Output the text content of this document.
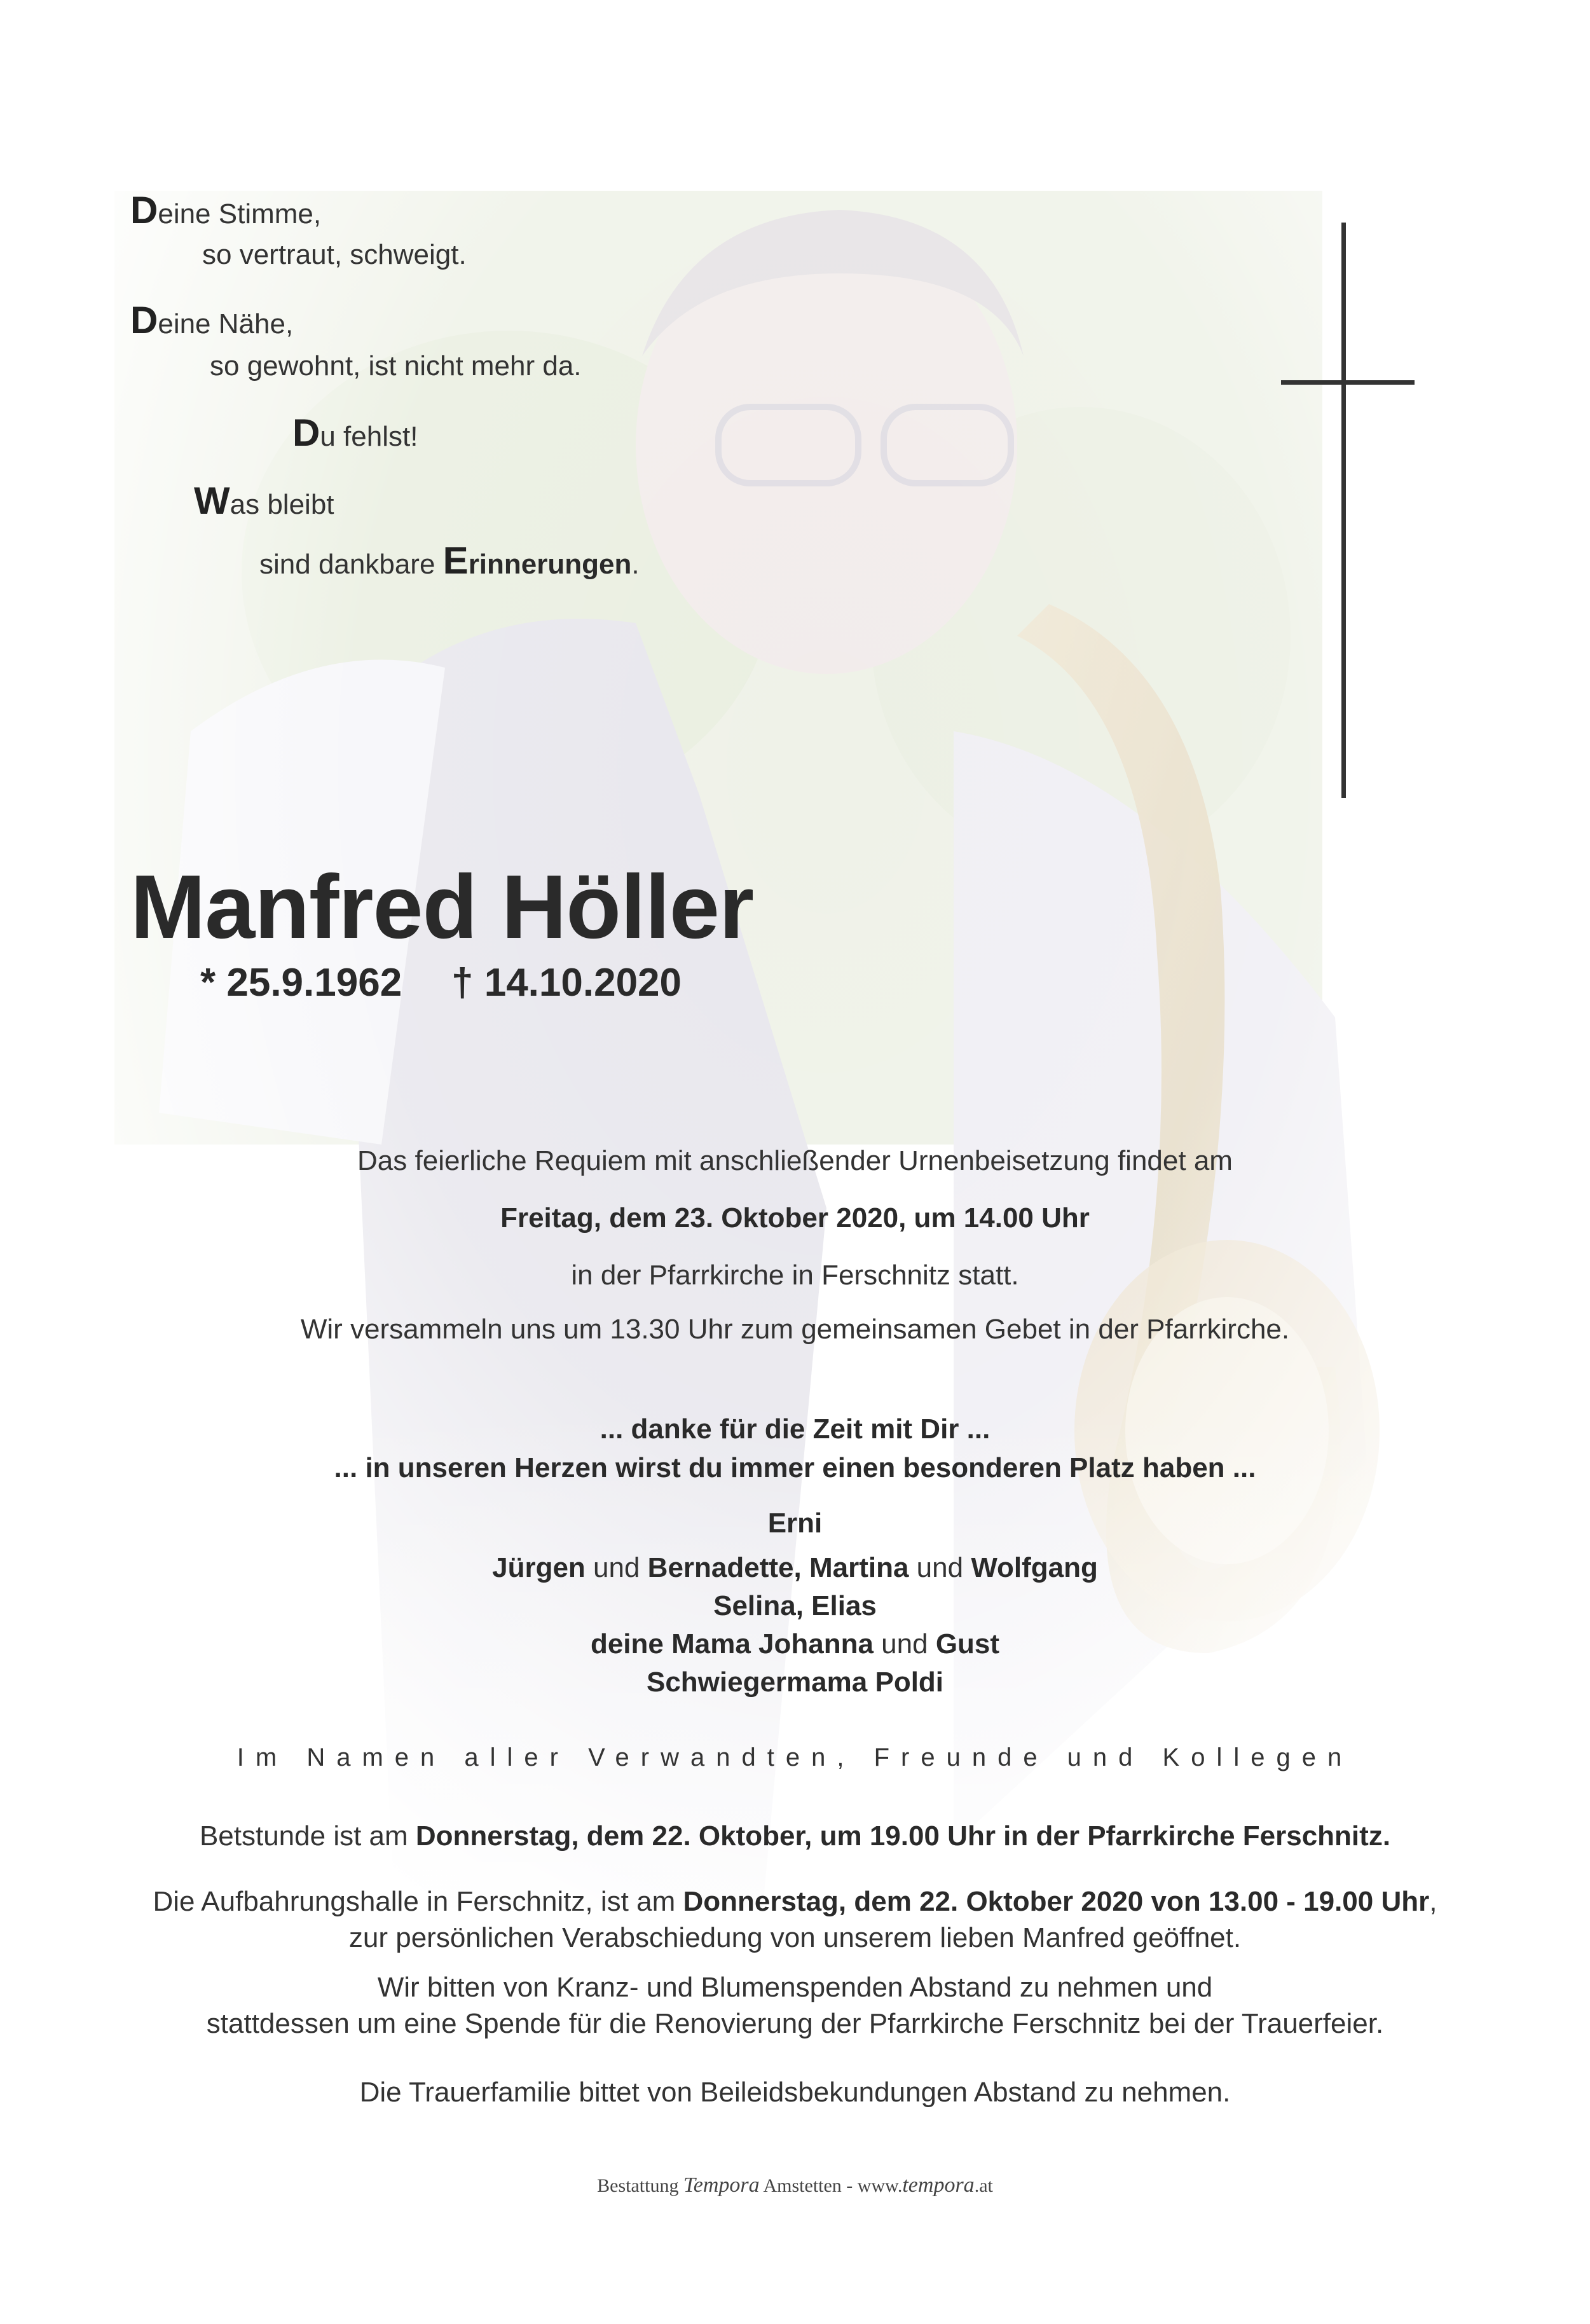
Deine Stimme,
so vertraut, schweigt.
Deine Nähe,
so gewohnt, ist nicht mehr da.
Du fehlst!
Was bleibt
sind dankbare Erinnerungen.
Manfred Höller
* 25.9.1962 † 14.10.2020
Das feierliche Requiem mit anschließender Urnenbeisetzung findet am
Freitag, dem 23. Oktober 2020, um 14.00 Uhr
in der Pfarrkirche in Ferschnitz statt.
Wir versammeln uns um 13.30 Uhr zum gemeinsamen Gebet in der Pfarrkirche.
... danke für die Zeit mit Dir ...
... in unseren Herzen wirst du immer einen besonderen Platz haben ...
Erni
Jürgen und Bernadette, Martina und Wolfgang
Selina, Elias
deine Mama Johanna und Gust
Schwiegermama Poldi
Im Namen aller Verwandten, Freunde und Kollegen
Betstunde ist am Donnerstag, dem 22. Oktober, um 19.00 Uhr in der Pfarrkirche Ferschnitz.
Die Aufbahrungshalle in Ferschnitz, ist am Donnerstag, dem 22. Oktober 2020 von 13.00 - 19.00 Uhr,
zur persönlichen Verabschiedung von unserem lieben Manfred geöffnet.
Wir bitten von Kranz- und Blumenspenden Abstand zu nehmen und
stattdessen um eine Spende für die Renovierung der Pfarrkirche Ferschnitz bei der Trauerfeier.
Die Trauerfamilie bittet von Beileidsbekundungen Abstand zu nehmen.
Bestattung Tempora Amstetten - www.tempora.at
